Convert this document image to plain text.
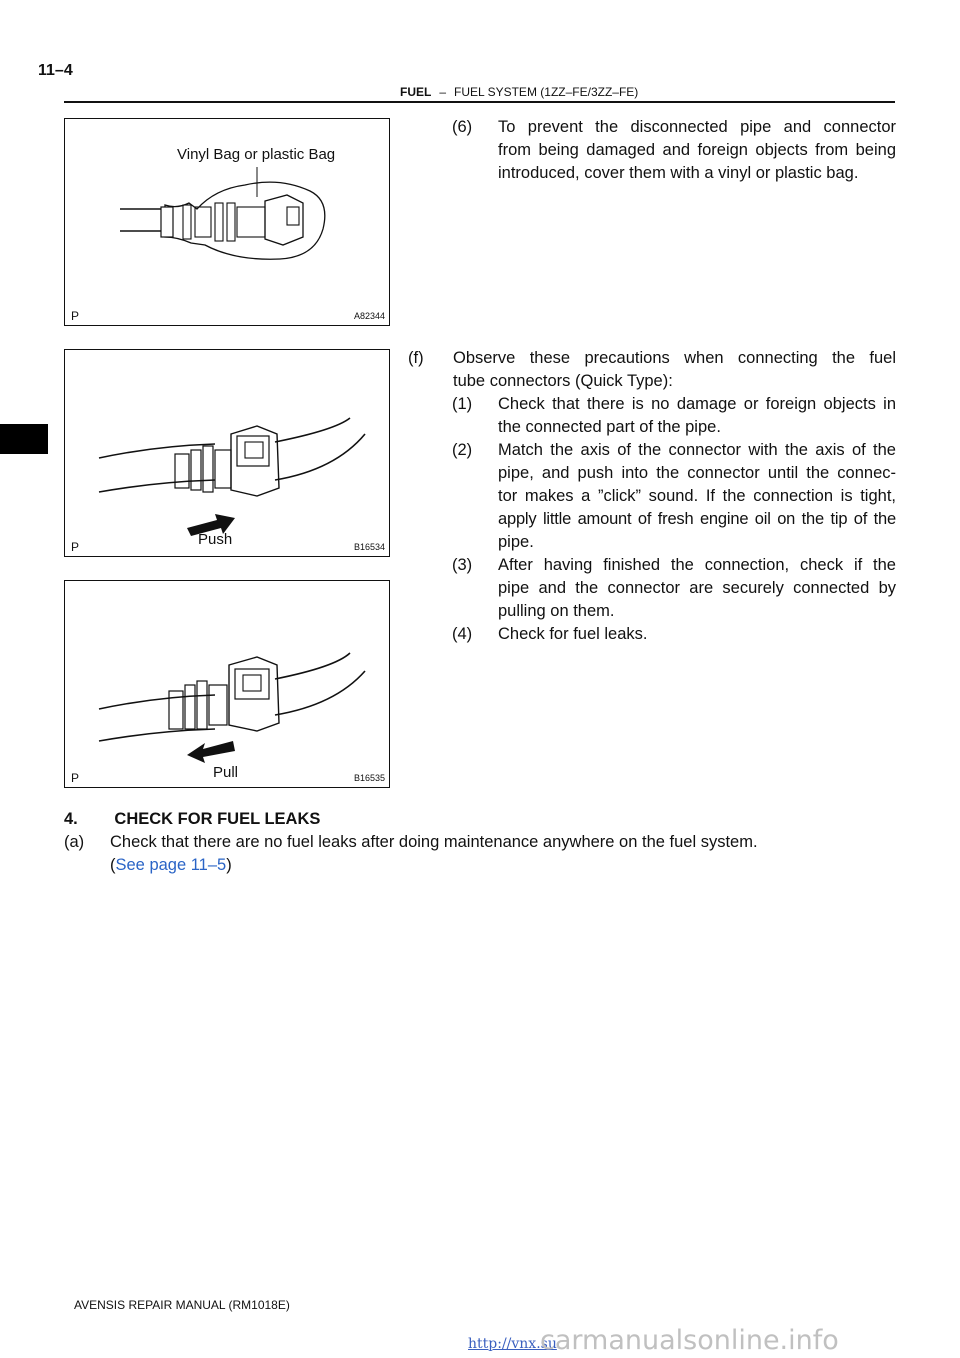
11–4
FUEL – FUEL SYSTEM (1ZZ–FE/3ZZ–FE)
Vinyl Bag or plastic Bag
P	A82344
Push
P	B16534
Pull
P	B16535
(6) To prevent the disconnected pipe and connector
from being damaged and foreign objects from being
introduced, cover them with a vinyl or plastic bag.
(f) Observe these precautions when connecting the fuel
tube connectors (Quick Type):
(1) Check that there is no damage or foreign objects in
the connected part of the pipe.
(2) Match the axis of the connector with the axis of the
pipe, and push into the connector until the connec-
tor makes a ”click” sound. If the connection is tight,
apply little amount of fresh engine oil on the tip of the
pipe.
(3) After having finished the connection, check if the
pipe and the connector are securely connected by
pulling on them.
(4) Check for fuel leaks.
4.        CHECK FOR FUEL LEAKS
(a) Check that there are no fuel leaks after doing maintenance anywhere on the fuel system.
(See page 11–5)
AVENSIS REPAIR MANUAL (RM1018E)
http://vnx.su
carmanualsonline.info
